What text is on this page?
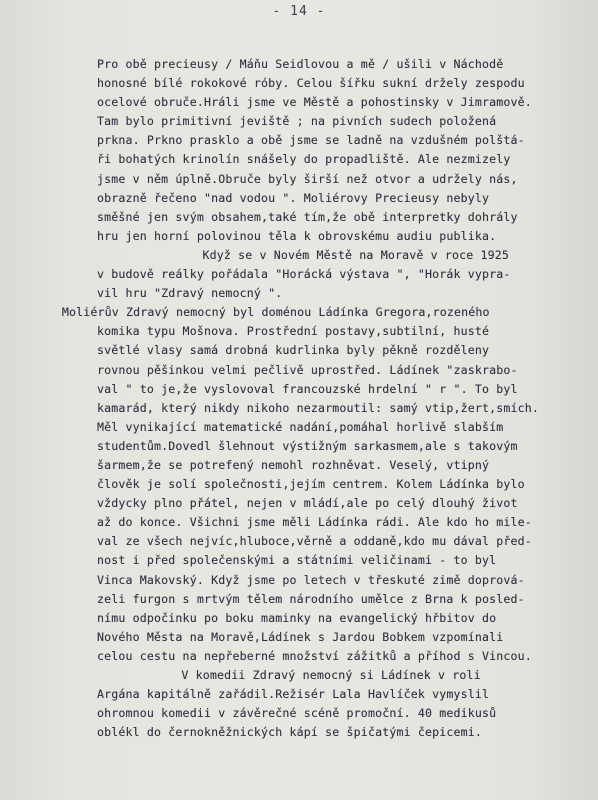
- 14 -
Pro obě precieusy / Máňu Seidlovou a mě / ušili v Náchodě
honosné bílé rokokové róby. Celou šířku sukní držely zespodu
ocelové obruče.Hráli jsme ve Městě a pohostinsky v Jimramově.
Tam bylo primitivní jeviště ; na pivních sudech položená
prkna. Prkno prasklo a obě jsme se ladně na vzdušném polštá-
ři bohatých krinolín snášely do propadliště. Ale nezmizely
jsme v něm úplně.Obruče byly širší než otvor a udržely nás,
obrazně řečeno "nad vodou ". Moliérovy Precieusy nebyly
směšné jen svým obsahem,také tím,že obě interpretky dohrály
hru jen horní polovinou těla k obrovskému audiu publika.
Když se v Novém Městě na Moravě v roce 1925
v budově reálky pořádala "Horácká výstava ", "Horák vypra-
vil hru "Zdravý nemocný ".
Moliérův Zdravý nemocný byl doménou Ládínka Gregora,rozeného
komika typu Mošnova. Prostřední postavy,subtilní, husté
světlé vlasy samá drobná kudrlinka byly pěkně rozděleny
rovnou pěšinkou velmi pečlivě uprostřed. Ládínek "zaskrabo-
val " to je,že vyslovoval francouzské hrdelní " r ". To byl
kamarád, který nikdy nikoho nezarmoutil: samý vtip,žert,smích.
Měl vynikající matematické nadání,pomáhal horlivě slabším
studentům.Dovedl šlehnout výstižným sarkasmem,ale s takovým
šarmem,že se potrefený nemohl rozhněvat. Veselý, vtipný
člověk je solí společnosti,jejím centrem. Kolem Ládínka bylo
vždycky plno přátel, nejen v mládí,ale po celý dlouhý život
až do konce. Všichni jsme měli Ládínka rádi. Ale kdo ho mile-
val ze všech nejvíc,hluboce,věrně a oddaně,kdo mu dával před-
nost i před společenskými a státními veličinami - to byl
Vinca Makovský. Když jsme po letech v třeskuté zimě doprová-
zeli furgon s mrtvým tělem národního umělce z Brna k posled-
nímu odpočinku po boku maminky na evangelický hřbitov do
Nového Města na Moravě,Ládínek s Jardou Bobkem vzpomínali
celou cestu na nepřeberné množství zážitků a příhod s Vincou.
V komedii Zdravý nemocný si Ládínek v roli
Argána kapitálně zařádil.Režisér Lala Havlíček vymyslil
ohromnou komedii v závěrečné scéně promoční. 40 medikusů
oblékl do černokněžnických kápí se špičatými čepicemi.
